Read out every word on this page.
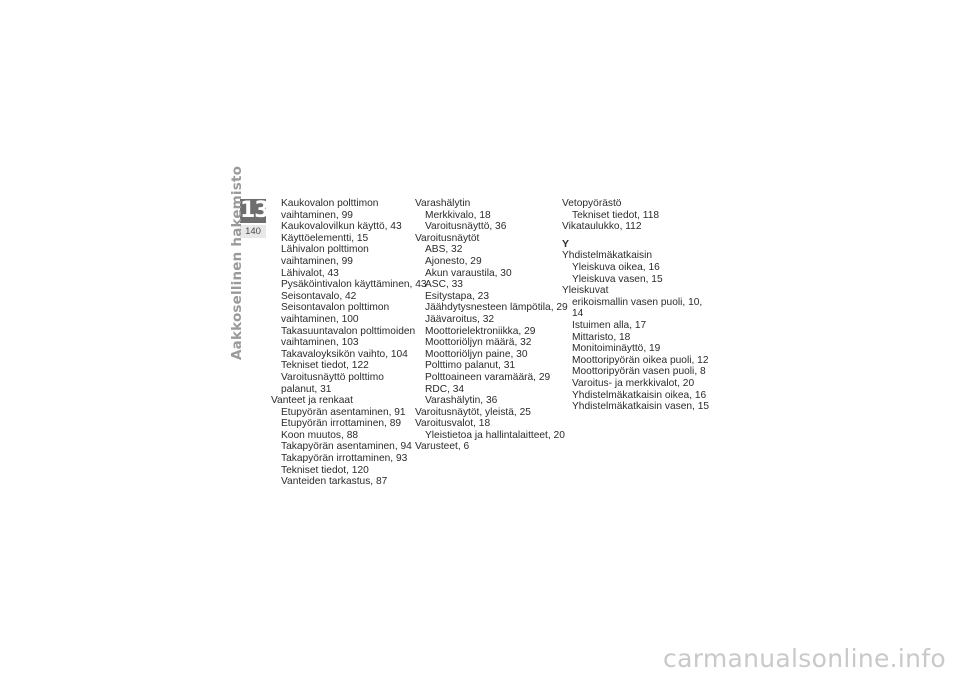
13
140
Aakkosellinen hakemisto	Kaukovalon polttimon
vaihtaminen, 99
Kaukovalovilkun käyttö, 43
Käyttöelementti, 15
Lähivalon polttimon
vaihtaminen, 99
Lähivalot, 43
Pysäköintivalon käyttäminen, 43
Seisontavalo, 42
Seisontavalon polttimon
vaihtaminen, 100
Takasuuntavalon polttimoiden
vaihtaminen, 103
Takavaloyksikön vaihto, 104
Tekniset tiedot, 122
Varoitusnäyttö polttimo
palanut, 31
Vanteet ja renkaat
Etupyörän asentaminen, 91
Etupyörän irrottaminen, 89
Koon muutos, 88
Takapyörän asentaminen, 94
Takapyörän irrottaminen, 93
Tekniset tiedot, 120
Vanteiden tarkastus, 87
Varashälytin
Merkkivalo, 18
Varoitusnäyttö, 36
Varoitusnäytöt
ABS, 32
Ajonesto, 29
Akun varaustila, 30
ASC, 33
Esitystapa, 23
Jäähdytysnesteen lämpötila, 29
Jäävaroitus, 32
Moottorielektroniikka, 29
Moottoriöljyn määrä, 32
Moottoriöljyn paine, 30
Polttimo palanut, 31
Polttoaineen varamäärä, 29
RDC, 34
Varashälytin, 36
Varoitusnäytöt, yleistä, 25
Varoitusvalot, 18
Yleistietoa ja hallintalaitteet, 20
Varusteet, 6
Vetopyörästö
Tekniset tiedot, 118
Vikataulukko, 112
Y
Yhdistelmäkatkaisin
Yleiskuva oikea, 16
Yleiskuva vasen, 15
Yleiskuvat
erikoismallin vasen puoli, 10,
14
Istuimen alla, 17
Mittaristo, 18
Monitoiminäyttö, 19
Moottoripyörän oikea puoli, 12
Moottoripyörän vasen puoli, 8
Varoitus- ja merkkivalot, 20
Yhdistelmäkatkaisin oikea, 16
Yhdistelmäkatkaisin vasen, 15
carmanualsonline.info
